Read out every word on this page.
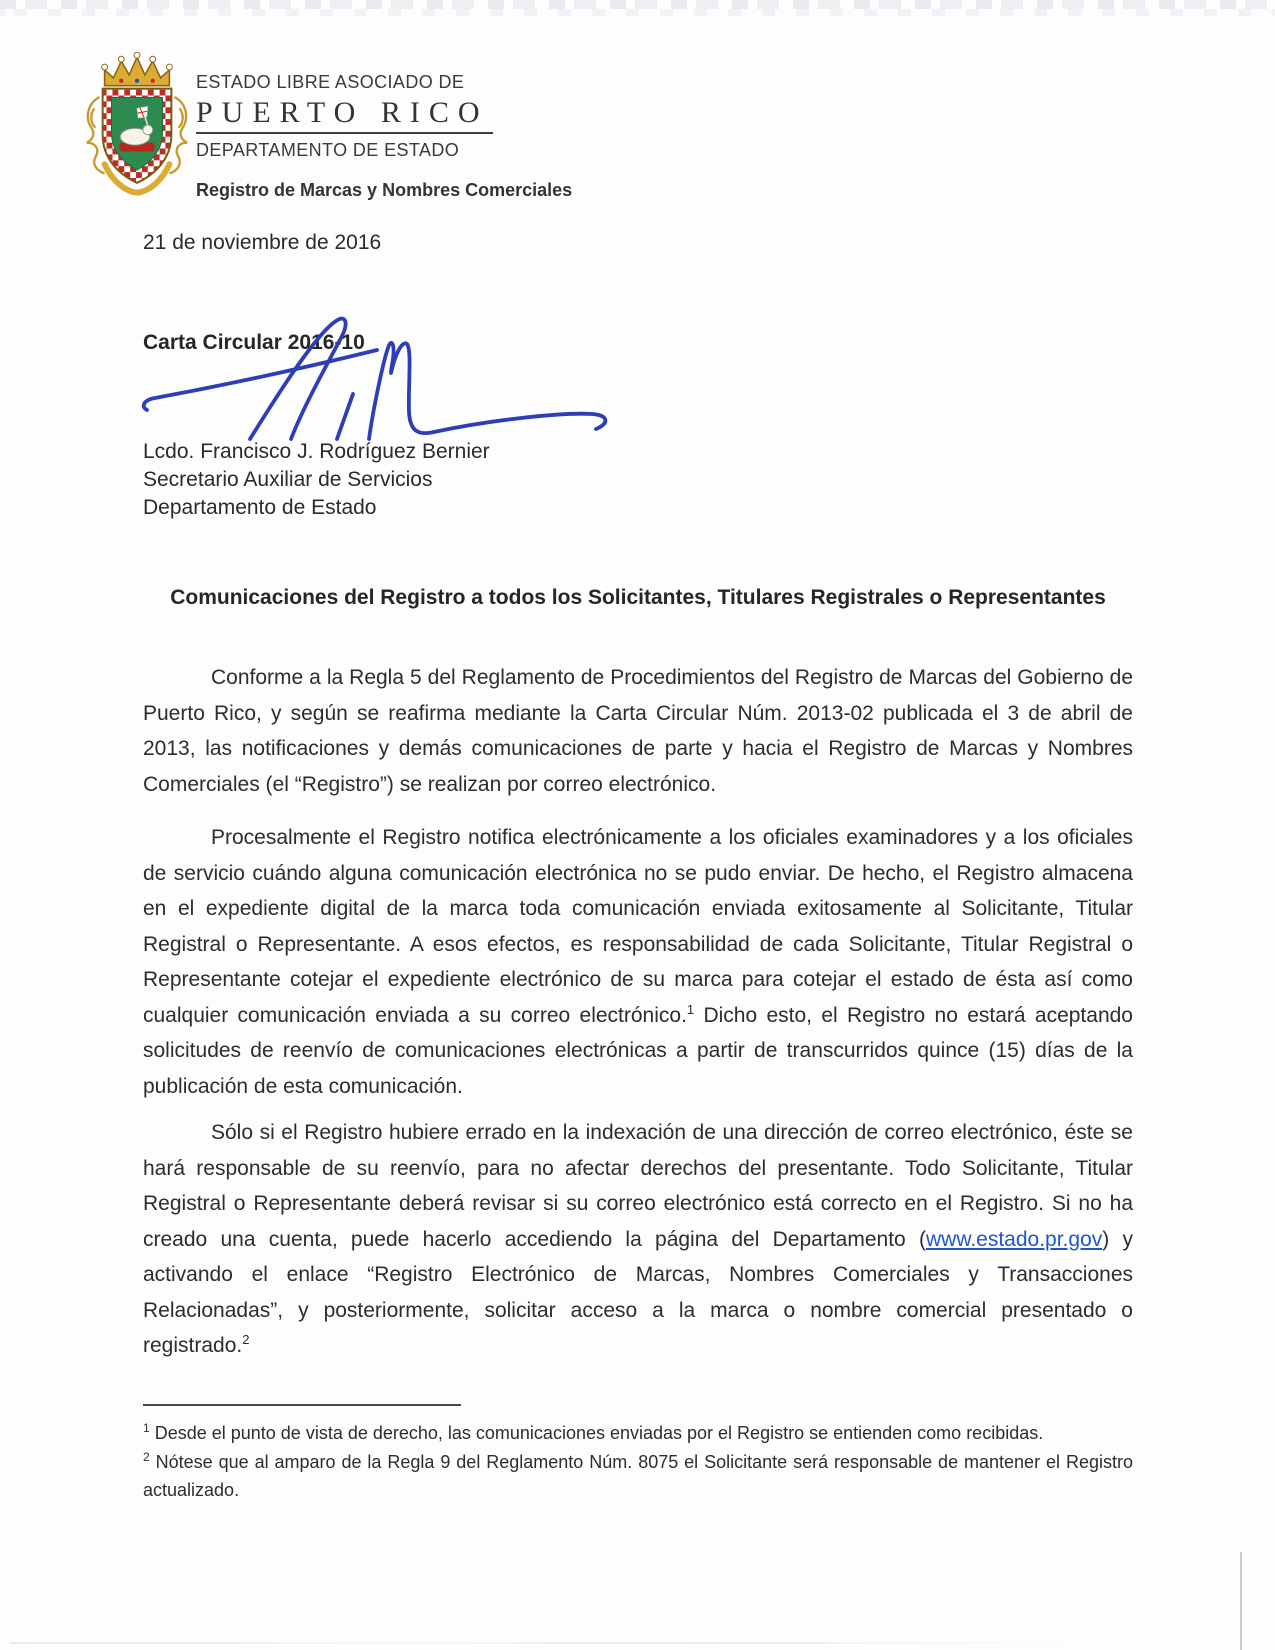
ESTADO LIBRE ASOCIADO DE
PUERTO RICO
DEPARTAMENTO DE ESTADO
Registro de Marcas y Nombres Comerciales
21 de noviembre de 2016
Carta Circular 2016-10
Lcdo. Francisco J. Rodríguez Bernier
Secretario Auxiliar de Servicios
Departamento de Estado
Comunicaciones del Registro a todos los Solicitantes, Titulares Registrales o Representantes

Conforme a la Regla 5 del Reglamento de Procedimientos del Registro de Marcas del Gobierno de Puerto Rico, y según se reafirma mediante la Carta Circular Núm. 2013-02 publicada el 3 de abril de 2013, las notificaciones y demás comunicaciones de parte y hacia el Registro de Marcas y Nombres Comerciales (el “Registro”) se realizan por correo electrónico.

Procesalmente el Registro notifica electrónicamente a los oficiales examinadores y a los oficiales de servicio cuándo alguna comunicación electrónica no se pudo enviar. De hecho, el Registro almacena en el expediente digital de la marca toda comunicación enviada exitosamente al Solicitante, Titular Registral o Representante. A esos efectos, es responsabilidad de cada Solicitante, Titular Registral o Representante cotejar el expediente electrónico de su marca para cotejar el estado de ésta así como cualquier comunicación enviada a su correo electrónico.$^1$ Dicho esto, el Registro no estará aceptando solicitudes de reenvío de comunicaciones electrónicas a partir de transcurridos quince (15) días de la publicación de esta comunicación.

Sólo si el Registro hubiere errado en la indexación de una dirección de correo electrónico, éste se hará responsable de su reenvío, para no afectar derechos del presentante. Todo Solicitante, Titular Registral o Representante deberá revisar si su correo electrónico está correcto en el Registro. Si no ha creado una cuenta, puede hacerlo accediendo la página del Departamento (www.estado.pr.gov) y activando el enlace “Registro Electrónico de Marcas, Nombres Comerciales y Transacciones Relacionadas”, y posteriormente, solicitar acceso a la marca o nombre comercial presentado o registrado.$^2$

$^1$ Desde el punto de vista de derecho, las comunicaciones enviadas por el Registro se entienden como recibidas.

$^2$ Nótese que al amparo de la Regla 9 del Reglamento Núm. 8075 el Solicitante será responsable de mantener el Registro actualizado.
